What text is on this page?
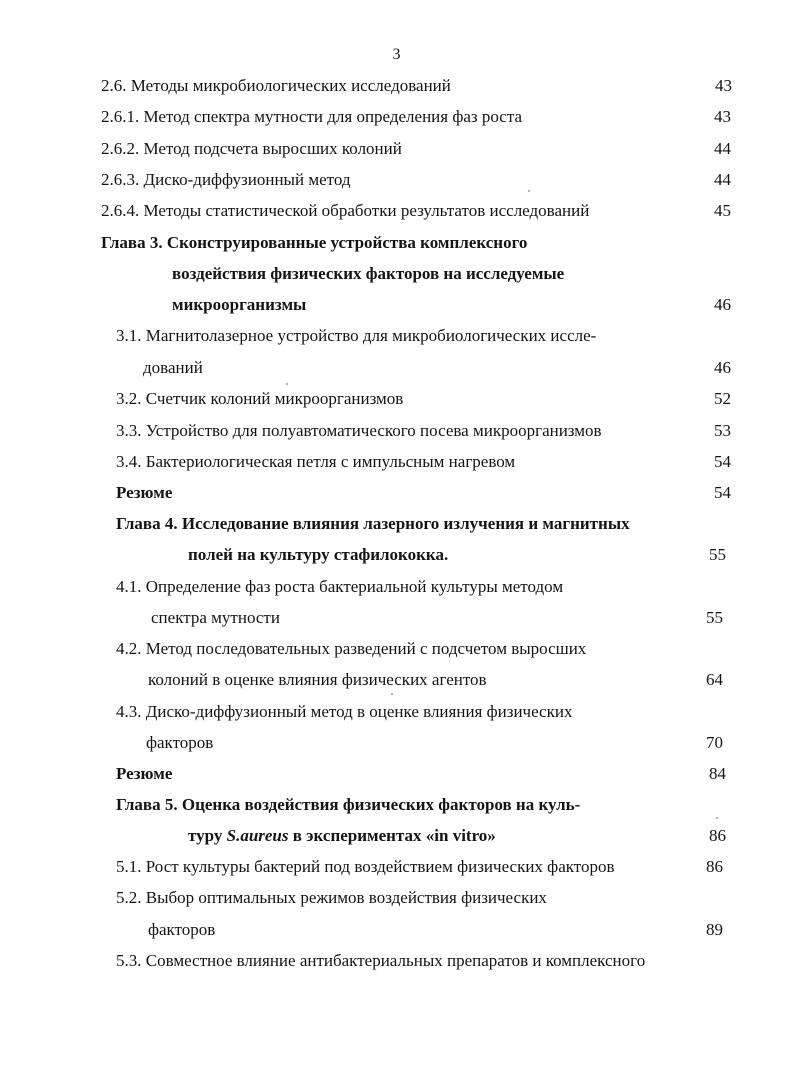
3
2.6. Методы микробиологических исследований	43
2.6.1. Метод спектра мутности для определения фаз роста	43
2.6.2. Метод подсчета выросших колоний	44
2.6.3. Диско-диффузионный метод	44
2.6.4. Методы статистической обработки результатов исследований	45
Глава 3. Сконструированные устройства комплексного
воздействия физических факторов на исследуемые
микроорганизмы	46
3.1. Магнитолазерное устройство для микробиологических иссле-
дований	46
3.2. Счетчик колоний микроорганизмов	52
3.3. Устройство для полуавтоматического посева микроорганизмов	53
3.4. Бактериологическая петля с импульсным нагревом	54
Резюме	54
Глава 4. Исследование влияния лазерного излучения и магнитных
полей на культуру стафилококка.	55
4.1. Определение фаз роста бактериальной культуры методом
спектра мутности	55
4.2. Метод последовательных разведений с подсчетом выросших
колоний в оценке влияния физических агентов	64
4.3. Диско-диффузионный метод в оценке влияния физических
факторов	70
Резюме	84
Глава 5. Оценка воздействия физических факторов на куль-
туру S.aureus в экспериментах «in vitro»	86
5.1. Рост культуры бактерий под воздействием физических факторов	86
5.2. Выбор оптимальных режимов воздействия физических
факторов	89
5.3. Совместное влияние антибактериальных препаратов и комплексного
